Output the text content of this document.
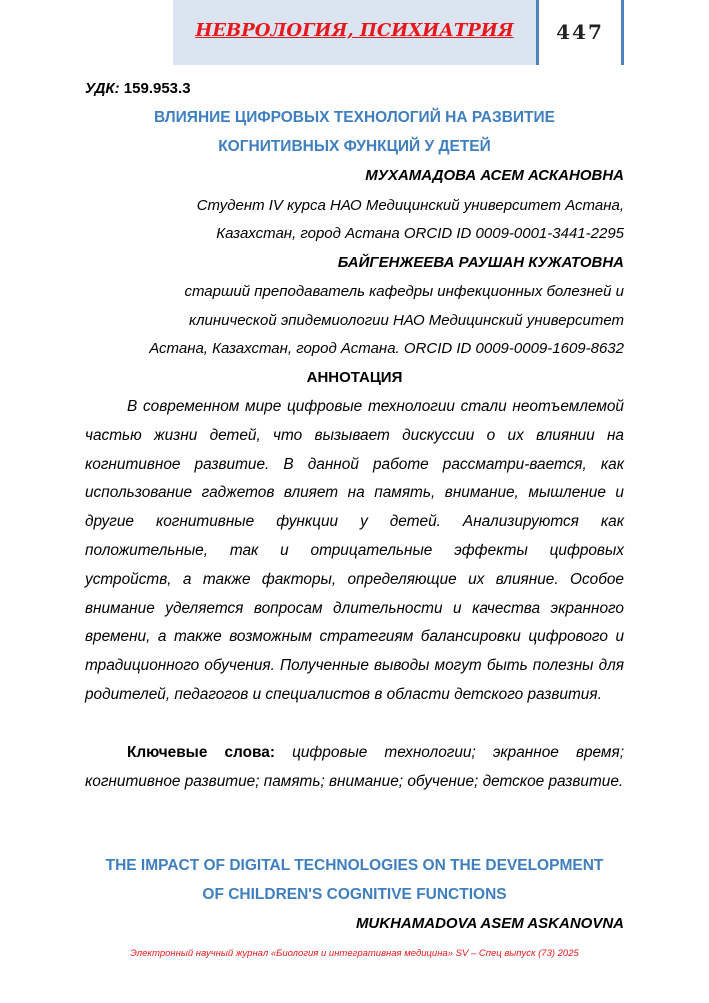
НЕВРОЛОГИЯ, ПСИХИАТРИЯ	447
УДК: 159.953.3
ВЛИЯНИЕ ЦИФРОВЫХ ТЕХНОЛОГИЙ НА РАЗВИТИЕ
КОГНИТИВНЫХ ФУНКЦИЙ У ДЕТЕЙ
МУХАМАДОВА АСЕМ АСКАНОВНА
Студент IV курса НАО Медицинский университет Астана,
Казахстан, город Астана ORCID ID 0009-0001-3441-2295
БАЙГЕНЖЕЕВА РАУШАН КУЖАТОВНА
старший преподаватель кафедры инфекционных болезней и
клинической эпидемиологии НАО Медицинский университет
Астана, Казахстан, город Астана. ORCID ID 0009-0009-1609-8632
АННОТАЦИЯ

В современном мире цифровые технологии стали неотъемлемой частью жизни детей, что вызывает дискуссии о их влиянии на когнитивное развитие. В данной работе рассматри-вается, как использование гаджетов влияет на память, внимание, мышление и другие когнитивные функции у детей. Анализируются как положительные, так и отрицательные эффекты цифровых устройств, а также факторы, определяющие их влияние. Особое внимание уделяется вопросам длительности и качества экранного времени, а также возможным стратегиям балансировки цифрового и традиционного обучения. Полученные выводы могут быть полезны для родителей, педагогов и специалистов в области детского развития.

Ключевые слова: цифровые технологии; экранное время; когнитивное развитие; память; внимание; обучение; детское развитие.

THE IMPACT OF DIGITAL TECHNOLOGIES ON THE DEVELOPMENT
OF CHILDREN'S COGNITIVE FUNCTIONS
MUKHAMADOVA ASEM ASKANOVNA
Электронный научный журнал «Биология и интегративная медицина» SV – Спец выпуск (73) 2025
